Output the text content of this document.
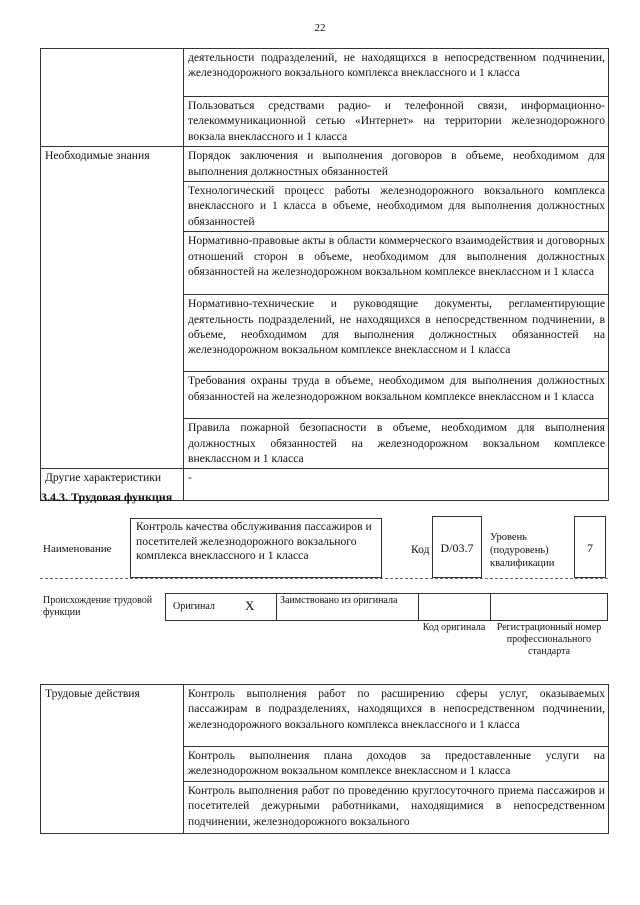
22
	деятельности подразделений, не находящихся в непосредственном подчинении, железнодорожного вокзального комплекса внеклассного и 1 класса
	Пользоваться средствами радио- и телефонной связи, информационно-телекоммуникационной сетью «Интернет» на территории железнодорожного вокзала внеклассного и 1 класса
Необходимые знания	Порядок заключения и выполнения договоров в объеме, необходимом для выполнения должностных обязанностей
	Технологический процесс работы железнодорожного вокзального комплекса внеклассного и 1 класса в объеме, необходимом для выполнения должностных обязанностей
	Нормативно-правовые акты в области коммерческого взаимодействия и договорных отношений сторон в объеме, необходимом для выполнения должностных обязанностей на железнодорожном вокзальном комплексе внеклассном и 1 класса
	Нормативно-технические и руководящие документы, регламентирующие деятельность подразделений, не находящихся в непосредственном подчинении, в объеме, необходимом для выполнения должностных обязанностей на железнодорожном вокзальном комплексе внеклассном и 1 класса
	Требования охраны труда в объеме, необходимом для выполнения должностных обязанностей на железнодорожном вокзальном комплексе внеклассном и 1 класса
	Правила пожарной безопасности в объеме, необходимом для выполнения должностных обязанностей на железнодорожном вокзальном комплексе внеклассном и 1 класса
Другие характеристики	-
3.4.3. Трудовая функция
Наименование
Контроль качества обслуживания пассажиров и посетителей железнодорожного вокзального комплекса внеклассного и 1 класса	Код D/03.7
Уровень (подуровень) квалификации
7
Происхождение трудовой функции
Оригинал X	Заимствовано из оригинала
Код оригинала	Регистрационный номер профессионального стандарта
Трудовые действия	Контроль выполнения работ по расширению сферы услуг, оказываемых пассажирам в подразделениях, находящихся в непосредственном подчинении, железнодорожного вокзального комплекса внеклассного и 1 класса
Контроль выполнения плана доходов за предоставленные услуги на железнодорожном вокзальном комплексе внеклассном и 1 класса
Контроль выполнения работ по проведению круглосуточного приема пассажиров и посетителей дежурными работниками, находящимися в непосредственном подчинении, железнодорожного вокзального
